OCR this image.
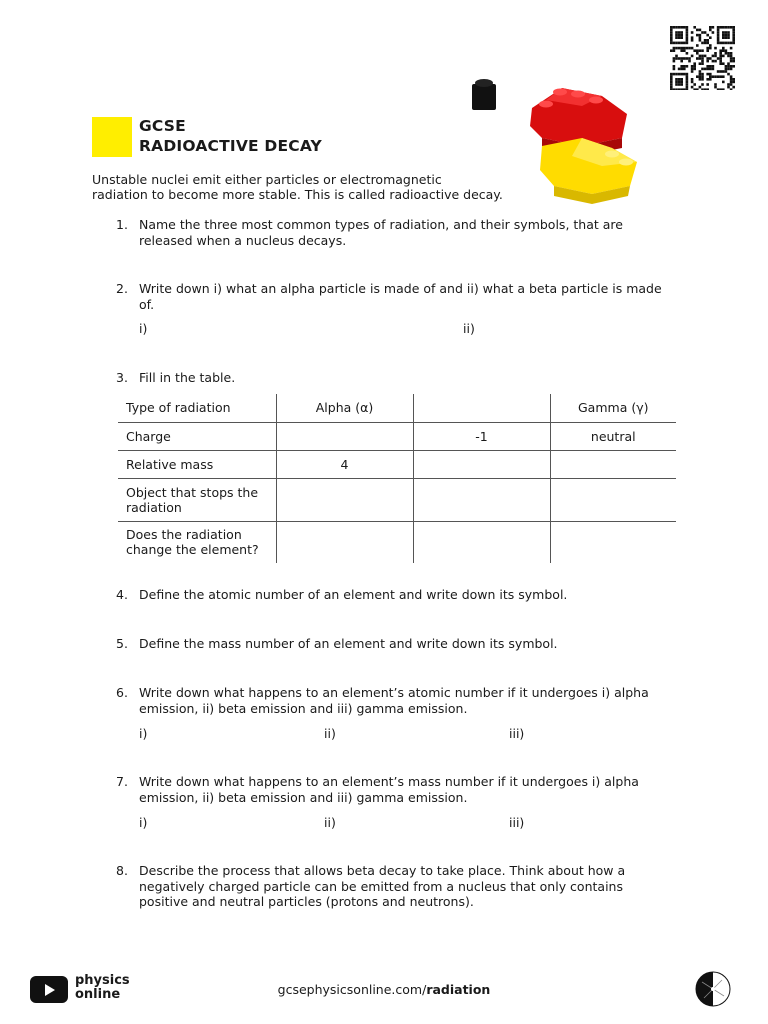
GCSE
RADIOACTIVE DECAY
Unstable nuclei emit either particles or electromagnetic
radiation to become more stable. This is called radioactive decay.
1. Name the three most common types of radiation, and their symbols, that are
released when a nucleus decays.
2. Write down i) what an alpha particle is made of and ii) what a beta particle is made
of.
i)	ii)
3. Fill in the table.
Type of radiation	Alpha (α)		Gamma (γ)
Charge		-1	neutral
Relative mass	4		
Object that stops the radiation			
Does the radiation change the element?			
4. Define the atomic number of an element and write down its symbol.
5. Define the mass number of an element and write down its symbol.
6. Write down what happens to an element’s atomic number if it undergoes i) alpha
emission, ii) beta emission and iii) gamma emission.
i)	ii)	iii)
7. Write down what happens to an element’s mass number if it undergoes i) alpha
emission, ii) beta emission and iii) gamma emission.
i)	ii)	iii)
8. Describe the process that allows beta decay to take place. Think about how a
negatively charged particle can be emitted from a nucleus that only contains
positive and neutral particles (protons and neutrons).
physics
online	gcsephysicsonline.com/radiation
